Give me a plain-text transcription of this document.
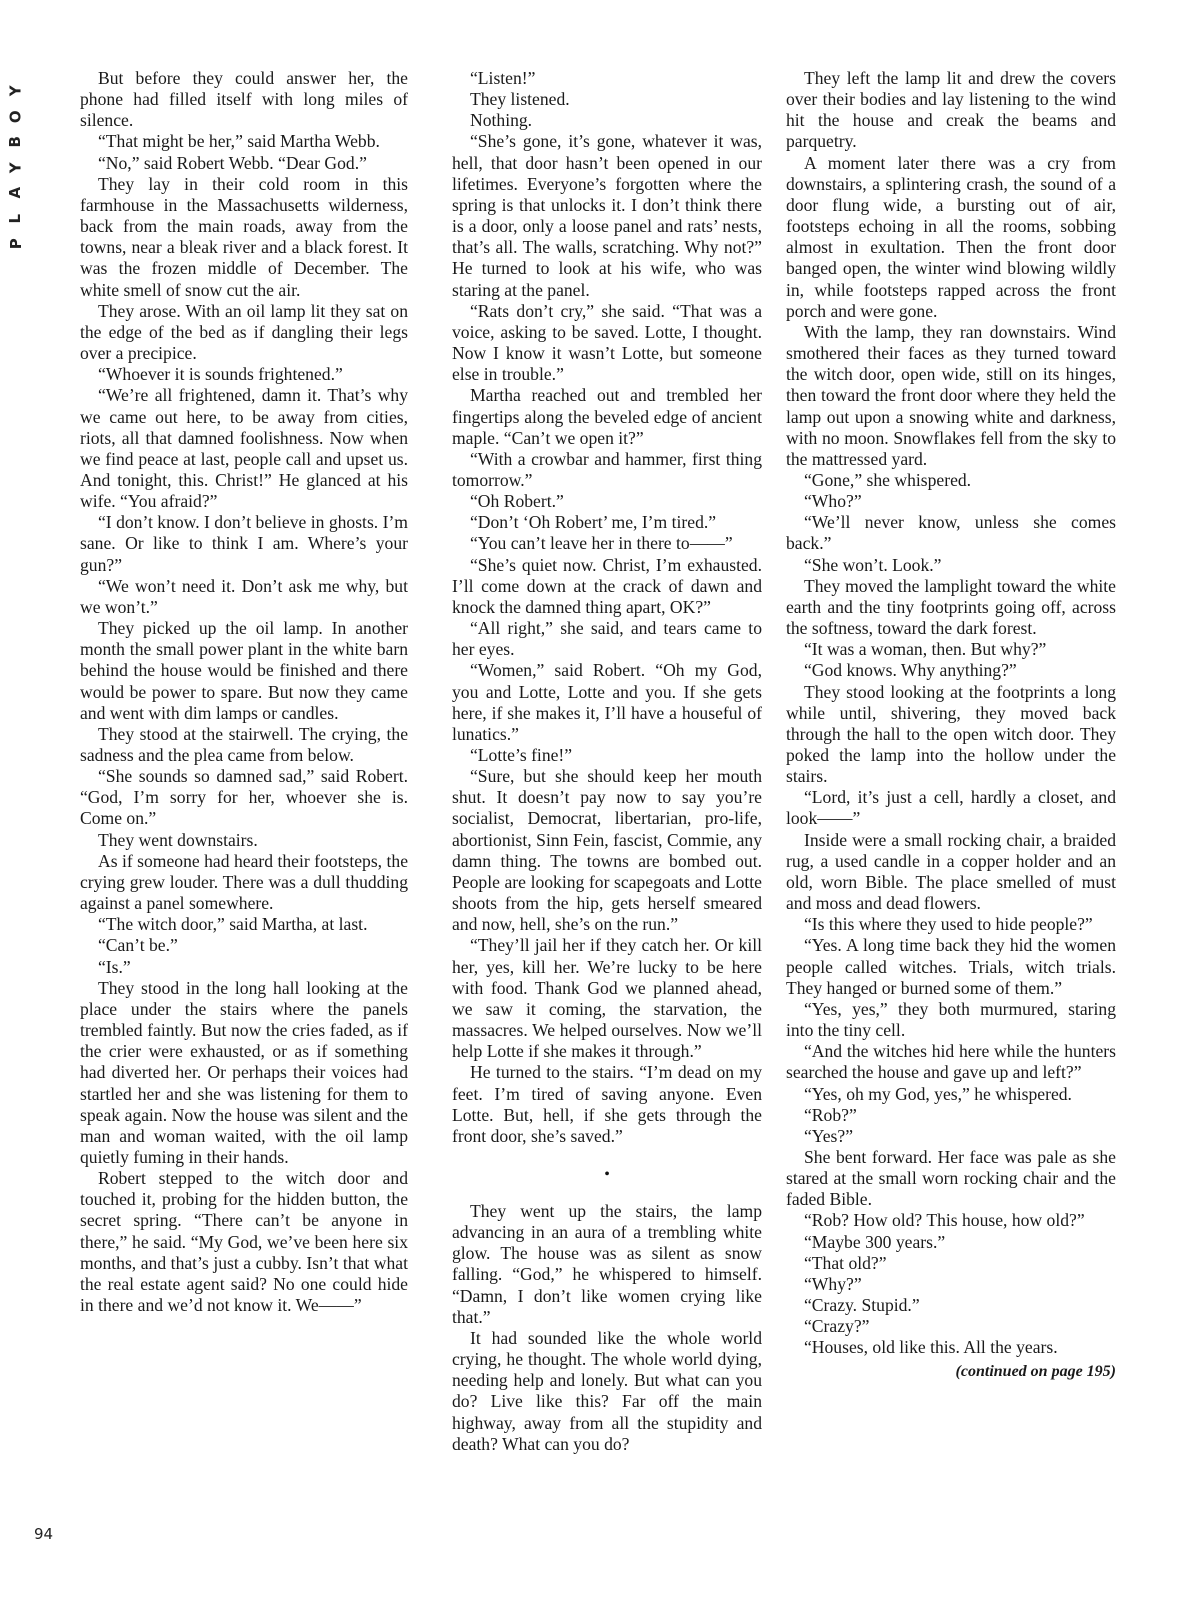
Y
O
B
Y
A
L
P
94

But before they could answer her, the phone had filled itself with long miles of silence.

“That might be her,” said Martha Webb.

“No,” said Robert Webb. “Dear God.”

They lay in their cold room in this farmhouse in the Massachusetts wilderness, back from the main roads, away from the towns, near a bleak river and a black forest. It was the frozen middle of December. The white smell of snow cut the air.

They arose. With an oil lamp lit they sat on the edge of the bed as if dangling their legs over a precipice.

“Whoever it is sounds frightened.”

“We’re all frightened, damn it. That’s why we came out here, to be away from cities, riots, all that damned foolishness. Now when we find peace at last, people call and upset us. And tonight, this. Christ!” He glanced at his wife. “You afraid?”

“I don’t know. I don’t believe in ghosts. I’m sane. Or like to think I am. Where’s your gun?”

“We won’t need it. Don’t ask me why, but we won’t.”

They picked up the oil lamp. In another month the small power plant in the white barn behind the house would be finished and there would be power to spare. But now they came and went with dim lamps or candles.

They stood at the stairwell. The crying, the sadness and the plea came from below.

“She sounds so damned sad,” said Robert. “God, I’m sorry for her, whoever she is. Come on.”

They went downstairs.

As if someone had heard their footsteps, the crying grew louder. There was a dull thudding against a panel somewhere.

“The witch door,” said Martha, at last.

“Can’t be.”

“Is.”

They stood in the long hall looking at the place under the stairs where the panels trembled faintly. But now the cries faded, as if the crier were exhausted, or as if something had diverted her. Or perhaps their voices had startled her and she was listening for them to speak again. Now the house was silent and the man and woman waited, with the oil lamp quietly fuming in their hands.

Robert stepped to the witch door and touched it, probing for the hidden button, the secret spring. “There can’t be anyone in there,” he said. “My God, we’ve been here six months, and that’s just a cubby. Isn’t that what the real estate agent said? No one could hide in there and we’d not know it. We——”

“Listen!”

They listened.

Nothing.

“She’s gone, it’s gone, whatever it was, hell, that door hasn’t been opened in our lifetimes. Everyone’s forgotten where the spring is that unlocks it. I don’t think there is a door, only a loose panel and rats’ nests, that’s all. The walls, scratching. Why not?” He turned to look at his wife, who was staring at the panel.

“Rats don’t cry,” she said. “That was a voice, asking to be saved. Lotte, I thought. Now I know it wasn’t Lotte, but someone else in trouble.”

Martha reached out and trembled her fingertips along the beveled edge of ancient maple. “Can’t we open it?”

“With a crowbar and hammer, first thing tomorrow.”

“Oh Robert.”

“Don’t ‘Oh Robert’ me, I’m tired.”

“You can’t leave her in there to——”

“She’s quiet now. Christ, I’m exhausted. I’ll come down at the crack of dawn and knock the damned thing apart, OK?”

“All right,” she said, and tears came to her eyes.

“Women,” said Robert. “Oh my God, you and Lotte, Lotte and you. If she gets here, if she makes it, I’ll have a houseful of lunatics.”

“Lotte’s fine!”

“Sure, but she should keep her mouth shut. It doesn’t pay now to say you’re socialist, Democrat, libertarian, pro-life, abortionist, Sinn Fein, fascist, Commie, any damn thing. The towns are bombed out. People are looking for scapegoats and Lotte shoots from the hip, gets herself smeared and now, hell, she’s on the run.”

“They’ll jail her if they catch her. Or kill her, yes, kill her. We’re lucky to be here with food. Thank God we planned ahead, we saw it coming, the starvation, the massacres. We helped ourselves. Now we’ll help Lotte if she makes it through.”

He turned to the stairs. “I’m dead on my feet. I’m tired of saving anyone. Even Lotte. But, hell, if she gets through the front door, she’s saved.”

•

They went up the stairs, the lamp advancing in an aura of a trembling white glow. The house was as silent as snow falling. “God,” he whispered to himself. “Damn, I don’t like women crying like that.”

It had sounded like the whole world crying, he thought. The whole world dying, needing help and lonely. But what can you do? Live like this? Far off the main highway, away from all the stupidity and death? What can you do?

They left the lamp lit and drew the covers over their bodies and lay listening to the wind hit the house and creak the beams and parquetry.

A moment later there was a cry from downstairs, a splintering crash, the sound of a door flung wide, a bursting out of air, footsteps echoing in all the rooms, sobbing almost in exultation. Then the front door banged open, the winter wind blowing wildly in, while footsteps rapped across the front porch and were gone.

With the lamp, they ran downstairs. Wind smothered their faces as they turned toward the witch door, open wide, still on its hinges, then toward the front door where they held the lamp out upon a snowing white and darkness, with no moon. Snowflakes fell from the sky to the mattressed yard.

“Gone,” she whispered.

“Who?”

“We’ll never know, unless she comes back.”

“She won’t. Look.”

They moved the lamplight toward the white earth and the tiny footprints going off, across the softness, toward the dark forest.

“It was a woman, then. But why?”

“God knows. Why anything?”

They stood looking at the footprints a long while until, shivering, they moved back through the hall to the open witch door. They poked the lamp into the hollow under the stairs.

“Lord, it’s just a cell, hardly a closet, and look——”

Inside were a small rocking chair, a braided rug, a used candle in a copper holder and an old, worn Bible. The place smelled of must and moss and dead flowers.

“Is this where they used to hide people?”

“Yes. A long time back they hid the women people called witches. Trials, witch trials. They hanged or burned some of them.”

“Yes, yes,” they both murmured, staring into the tiny cell.

“And the witches hid here while the hunters searched the house and gave up and left?”

“Yes, oh my God, yes,” he whispered.

“Rob?”

“Yes?”

She bent forward. Her face was pale as she stared at the small worn rocking chair and the faded Bible.

“Rob? How old? This house, how old?”

“Maybe 300 years.”

“That old?”

“Why?”

“Crazy. Stupid.”

“Crazy?”

“Houses, old like this. All the years.

(continued on page 195)
